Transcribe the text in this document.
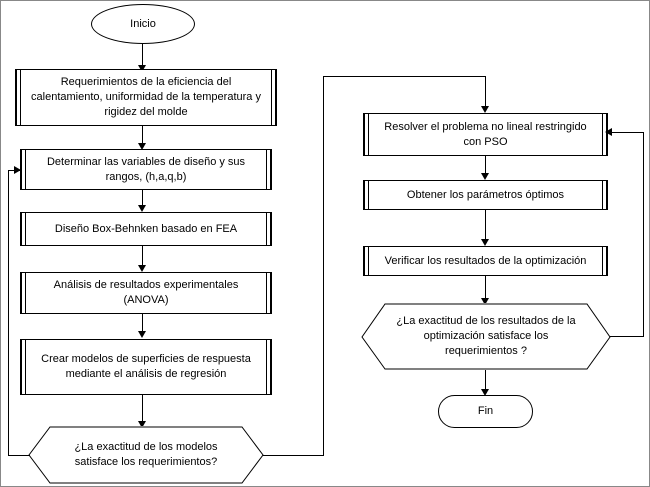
Inicio
Requerimientos de la eficiencia del calentamiento, uniformidad de la temperatura y rigidez del molde
Determinar las variables de diseño y sus rangos, (h,a,q,b)
Diseño Box-Behnken basado en FEA
Análisis de resultados experimentales (ANOVA)
Crear modelos de superficies de respuesta mediante el análisis de regresión
¿La exactitud de los modelos satisface los requerimientos?
Resolver el problema no lineal restringido con PSO
Obtener los parámetros óptimos
Verificar los resultados de la optimización
¿La exactitud de los resultados de la optimización satisface los requerimientos ?
Fin
